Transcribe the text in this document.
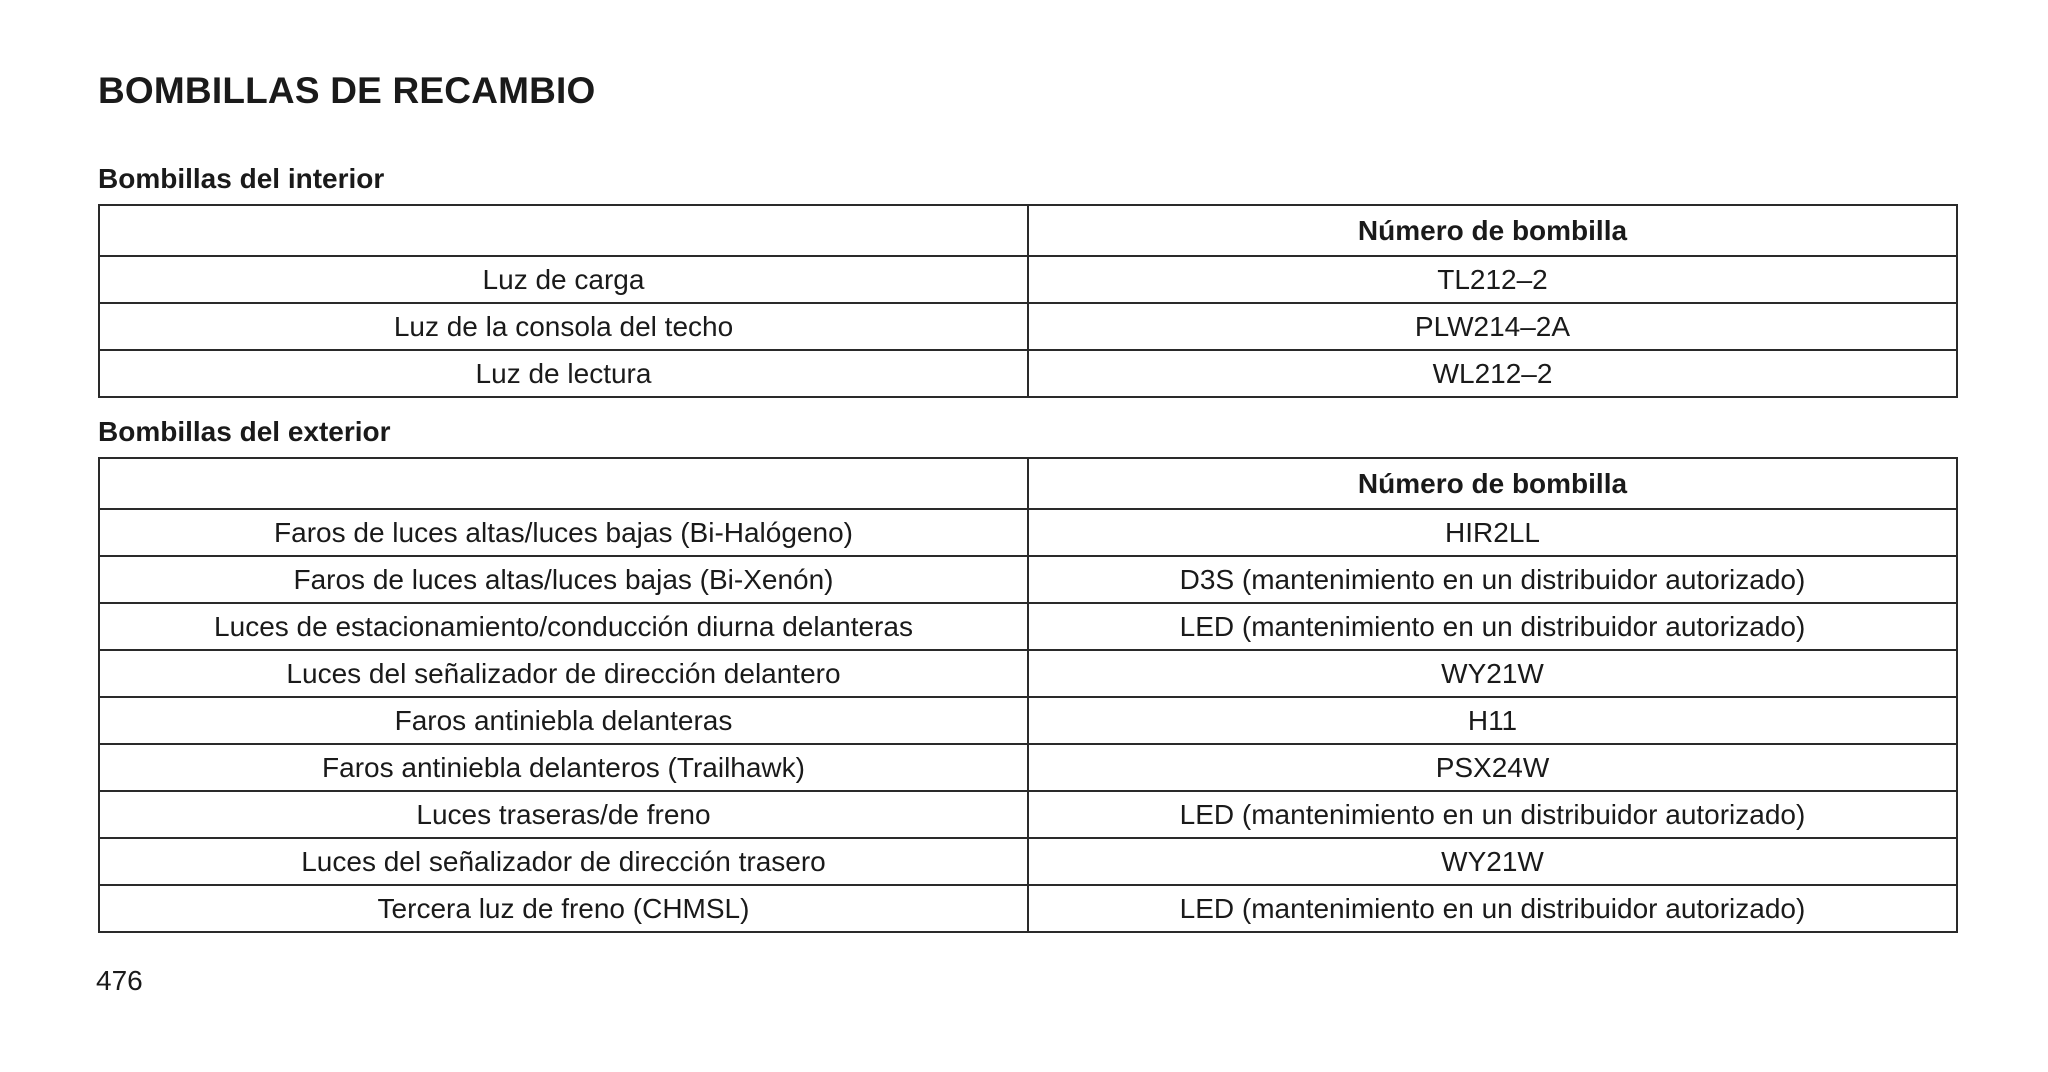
BOMBILLAS DE RECAMBIO
Bombillas del interior
	Número de bombilla
Luz de carga	TL212–2
Luz de la consola del techo	PLW214–2A
Luz de lectura	WL212–2
Bombillas del exterior
	Número de bombilla
Faros de luces altas/luces bajas (Bi-Halógeno)	HIR2LL
Faros de luces altas/luces bajas (Bi-Xenón)	D3S (mantenimiento en un distribuidor autorizado)
Luces de estacionamiento/conducción diurna delanteras	LED (mantenimiento en un distribuidor autorizado)
Luces del señalizador de dirección delantero	WY21W
Faros antiniebla delanteras	H11
Faros antiniebla delanteros (Trailhawk)	PSX24W
Luces traseras/de freno	LED (mantenimiento en un distribuidor autorizado)
Luces del señalizador de dirección trasero	WY21W
Tercera luz de freno (CHMSL)	LED (mantenimiento en un distribuidor autorizado)
476
